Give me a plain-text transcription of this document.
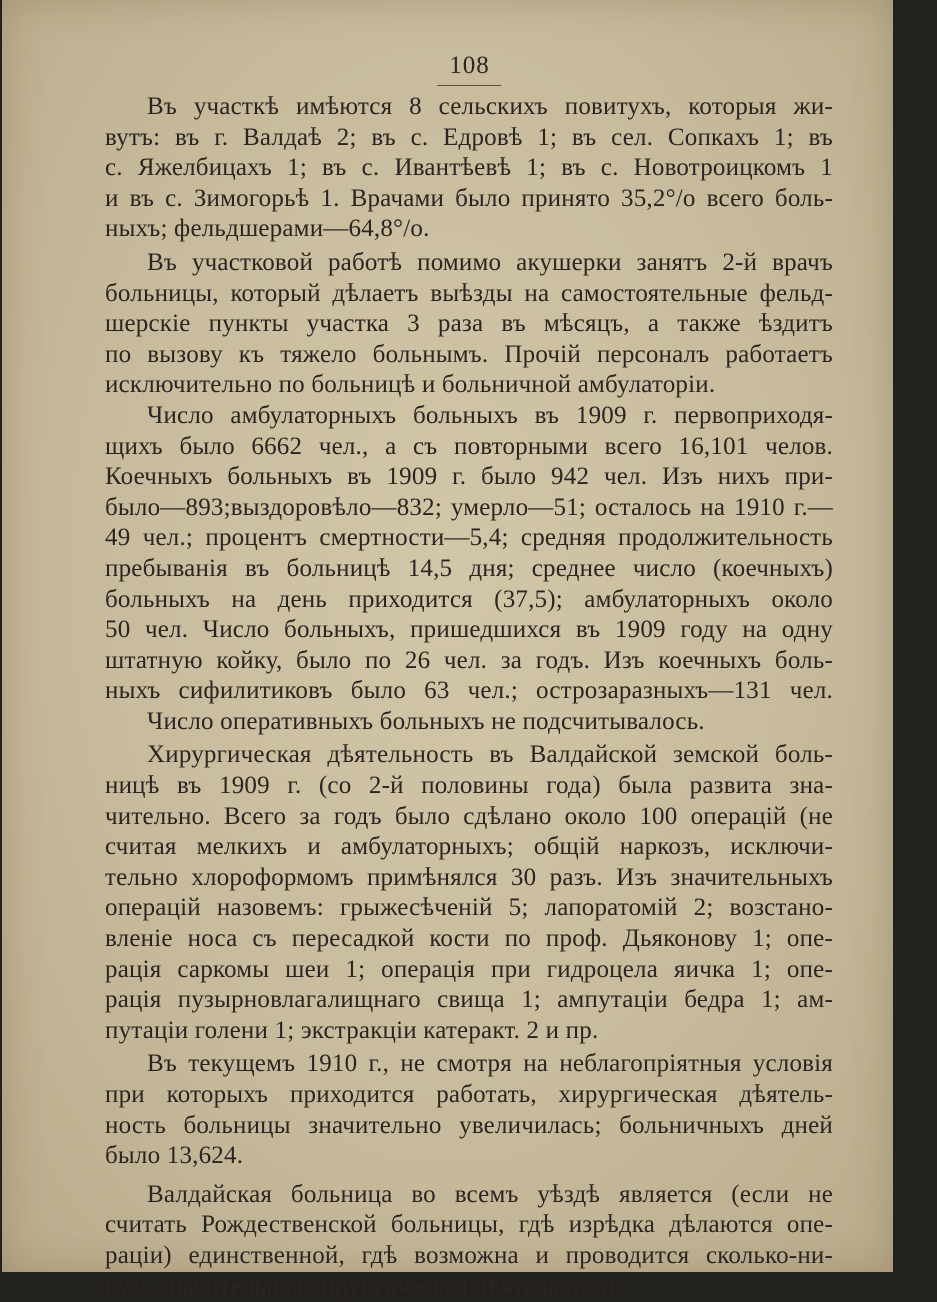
108
Въ участкѣ имѣются 8 сельскихъ повитухъ, которыя жи-
вутъ: въ г. Валдаѣ 2; въ с. Едровѣ 1; въ сел. Сопкахъ 1; въ
с. Яжелбицахъ 1; въ с. Ивантѣевѣ 1; въ с. Новотроицкомъ 1
и въ с. Зимогорьѣ 1. Врачами было принято 35,2°/о всего боль-
ныхъ; фельдшерами—64,8°/о.
Въ участковой работѣ помимо акушерки занятъ 2-й врачъ
больницы, который дѣлаетъ выѣзды на самостоятельные фельд-
шерскіе пункты участка 3 раза въ мѣсяцъ, а также ѣздитъ
по вызову къ тяжело больнымъ. Прочій персоналъ работаетъ
исключительно по больницѣ и больничной амбулаторіи.
Число амбулаторныхъ больныхъ въ 1909 г. первоприходя-
щихъ было 6662 чел., а съ повторными всего 16,101 челов.
Коечныхъ больныхъ въ 1909 г. было 942 чел. Изъ нихъ при-
было—893;выздоровѣло—832; умерло—51; осталось на 1910 г.—
49 чел.; процентъ смертности—5,4; средняя продолжительность
пребыванія въ больницѣ 14,5 дня; среднее число (коечныхъ)
больныхъ на день приходится (37,5); амбулаторныхъ около
50 чел. Число больныхъ, пришедшихся въ 1909 году на одну
штатную койку, было по 26 чел. за годъ. Изъ коечныхъ боль-
ныхъ сифилитиковъ было 63 чел.; острозаразныхъ—131 чел.
Число оперативныхъ больныхъ не подсчитывалось.
Хирургическая дѣятельность въ Валдайской земской боль-
ницѣ въ 1909 г. (со 2-й половины года) была развита зна-
чительно. Всего за годъ было сдѣлано около 100 операцій (не
считая мелкихъ и амбулаторныхъ; общій наркозъ, исключи-
тельно хлороформомъ примѣнялся 30 разъ. Изъ значительныхъ
операцій назовемъ: грыжесѣченій 5; лапоратомій 2; возстано-
вленіе носа съ пересадкой кости по проф. Дьяконову 1; опе-
рація саркомы шеи 1; операція при гидроцела яичка 1; опе-
рація пузырновлагалищнаго свища 1; ампутаціи бедра 1; ам-
путаціи голени 1; экстракціи катеракт. 2 и пр.
Въ текущемъ 1910 г., не смотря на неблагопріятныя условія
при которыхъ приходится работать, хирургическая дѣятель-
ность больницы значительно увеличилась; больничныхъ дней
было 13,624.
Валдайская больница во всемъ уѣздѣ является (если не
считать Рождественской больницы, гдѣ изрѣдка дѣлаются опе-
раціи) единственной, гдѣ возможна и проводится сколько-ни-
будь значительная хирургическая дѣятельность.
